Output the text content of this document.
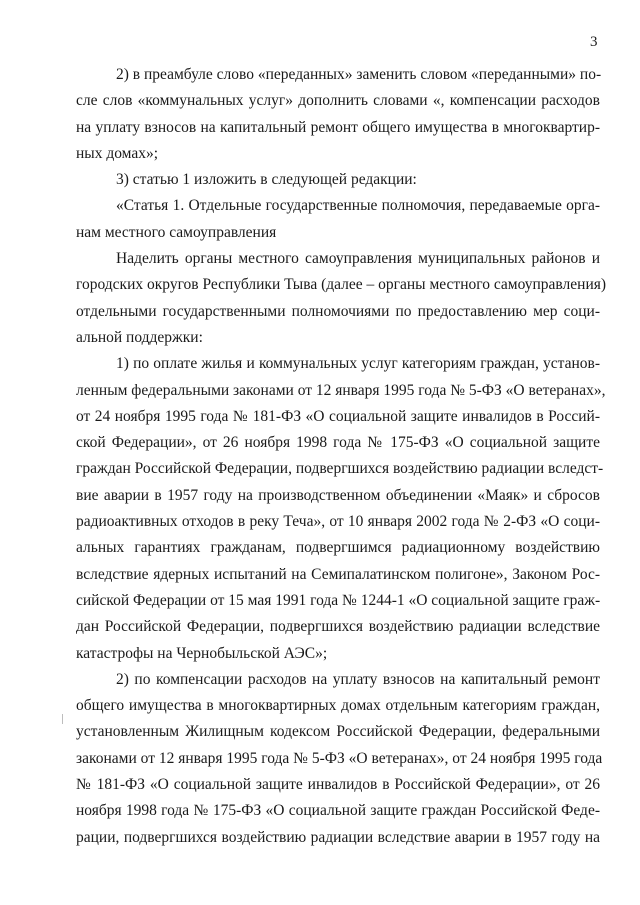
3
2) в преамбуле слово «переданных» заменить словом «переданными» по-
сле слов «коммунальных услуг» дополнить словами «, компенсации расходов
на уплату взносов на капитальный ремонт общего имущества в многоквартир-
ных домах»;
3) статью 1 изложить в следующей редакции:
«Статья 1. Отдельные государственные полномочия, передаваемые орга-
нам местного самоуправления
Наделить органы местного самоуправления муниципальных районов и
городских округов Республики Тыва (далее – органы местного самоуправления)
отдельными государственными полномочиями по предоставлению мер соци-
альной поддержки:
1) по оплате жилья и коммунальных услуг категориям граждан, установ-
ленным федеральными законами от 12 января 1995 года № 5-ФЗ «О ветеранах»,
от 24 ноября 1995 года № 181-ФЗ «О социальной защите инвалидов в Россий-
ской Федерации», от 26 ноября 1998 года № 175-ФЗ «О социальной защите
граждан Российской Федерации, подвергшихся воздействию радиации вследст-
вие аварии в 1957 году на производственном объединении «Маяк» и сбросов
радиоактивных отходов в реку Теча», от 10 января 2002 года № 2-ФЗ «О соци-
альных гарантиях гражданам, подвергшимся радиационному воздействию
вследствие ядерных испытаний на Семипалатинском полигоне», Законом Рос-
сийской Федерации от 15 мая 1991 года № 1244-1 «О социальной защите граж-
дан Российской Федерации, подвергшихся воздействию радиации вследствие
катастрофы на Чернобыльской АЭС»;
2) по компенсации расходов на уплату взносов на капитальный ремонт
общего имущества в многоквартирных домах отдельным категориям граждан,
установленным Жилищным кодексом Российской Федерации, федеральными
законами от 12 января 1995 года № 5-ФЗ «О ветеранах», от 24 ноября 1995 года
№ 181-ФЗ «О социальной защите инвалидов в Российской Федерации», от 26
ноября 1998 года № 175-ФЗ «О социальной защите граждан Российской Феде-
рации, подвергшихся воздействию радиации вследствие аварии в 1957 году на
